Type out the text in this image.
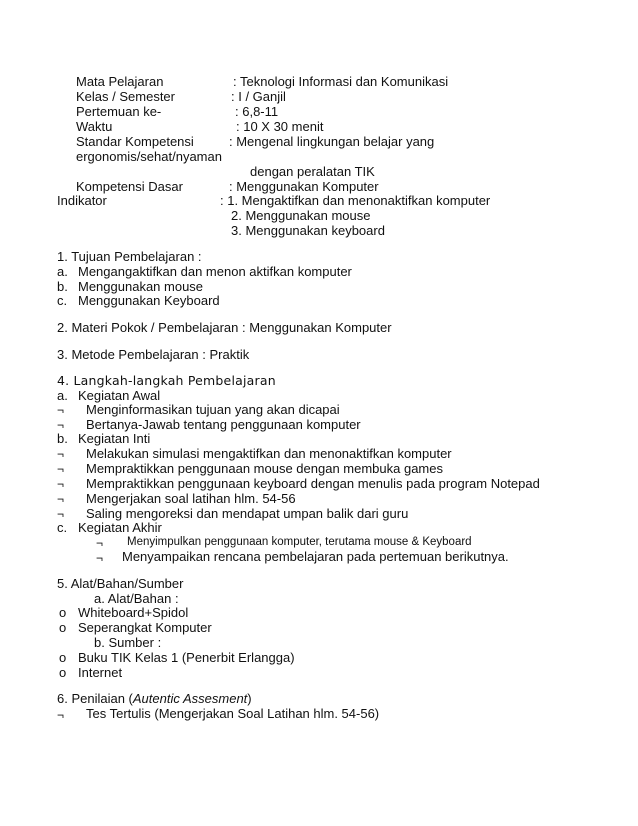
Mata Pelajaran	: Teknologi Informasi dan Komunikasi
Kelas / Semester	: I / Ganjil
Pertemuan ke-	: 6,8-11
Waktu	: 10 X 30 menit
Standar Kompetensi	: Mengenal lingkungan belajar yang
ergonomis/sehat/nyaman
dengan peralatan TIK
Kompetensi Dasar	: Menggunakan Komputer
Indikator	: 1. Mengaktifkan dan menonaktifkan komputer
2. Menggunakan mouse
3. Menggunakan keyboard
1. Tujuan Pembelajaran :
a. Mengangaktifkan dan menon aktifkan komputer
b. Menggunakan mouse
c. Menggunakan Keyboard
2. Materi Pokok / Pembelajaran : Menggunakan Komputer
3. Metode Pembelajaran : Praktik
4. Langkah-langkah Pembelajaran
a. Kegiatan Awal
¬ Menginformasikan tujuan yang akan dicapai
¬ Bertanya-Jawab tentang penggunaan komputer
b. Kegiatan Inti
¬ Melakukan simulasi mengaktifkan dan menonaktifkan komputer
¬ Mempraktikkan penggunaan mouse dengan membuka games
¬ Mempraktikkan penggunaan keyboard dengan menulis pada program Notepad
¬ Mengerjakan soal latihan hlm. 54-56
¬ Saling mengoreksi dan mendapat umpan balik dari guru
c. Kegiatan Akhir
¬ Menyimpulkan penggunaan komputer, terutama mouse & Keyboard
¬ Menyampaikan rencana pembelajaran pada pertemuan berikutnya.
5. Alat/Bahan/Sumber
a. Alat/Bahan :
o Whiteboard+Spidol
o Seperangkat Komputer
b. Sumber :
o Buku TIK Kelas 1 (Penerbit Erlangga)
o Internet
6. Penilaian (Autentic Assesment)
¬ Tes Tertulis (Mengerjakan Soal Latihan hlm. 54-56)
